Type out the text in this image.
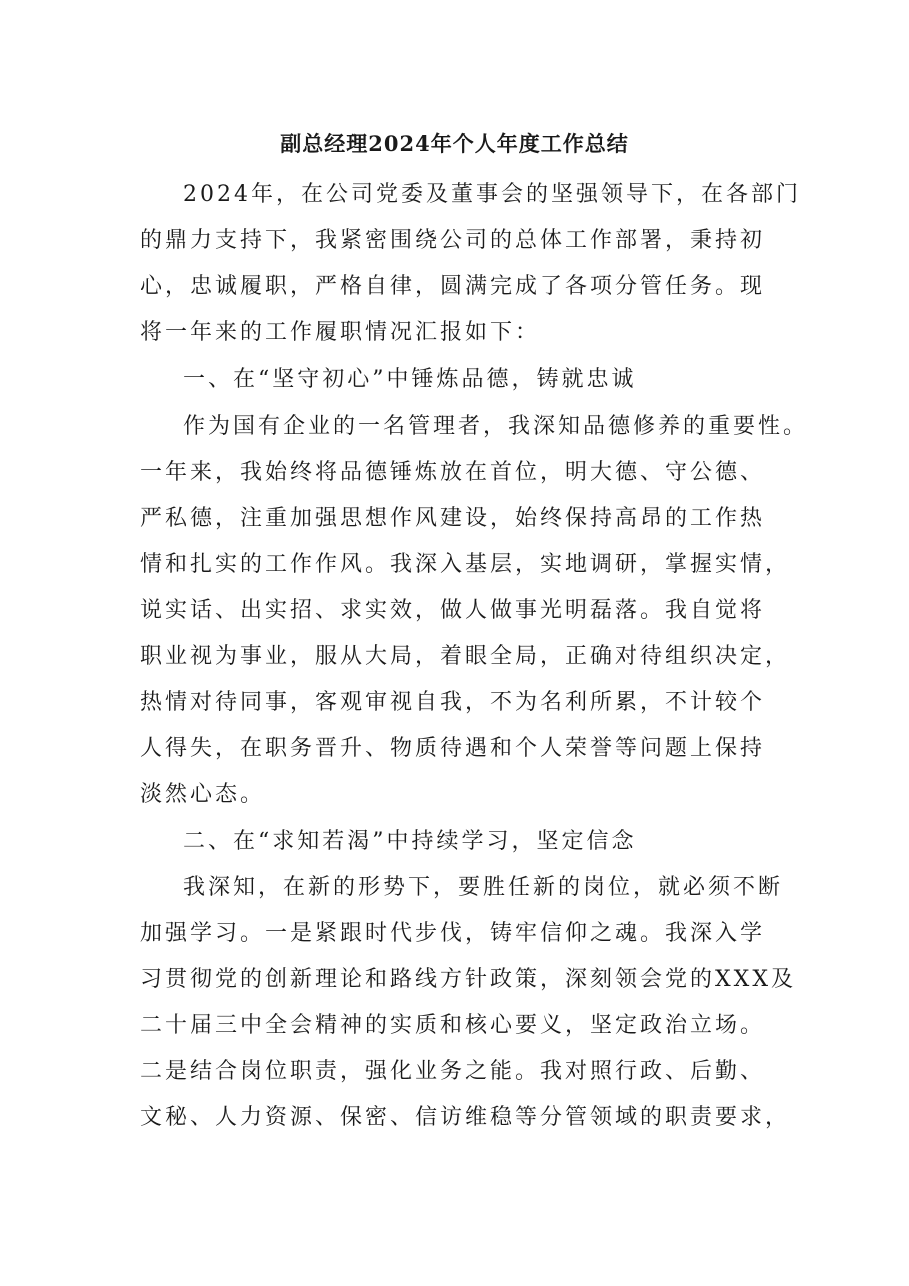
副总经理2024年个人年度工作总结
2024年，在公司党委及董事会的坚强领导下，在各部门
的鼎力支持下，我紧密围绕公司的总体工作部署，秉持初
心，忠诚履职，严格自律，圆满完成了各项分管任务。现
将一年来的工作履职情况汇报如下：
一、在“坚守初心”中锤炼品德，铸就忠诚
作为国有企业的一名管理者，我深知品德修养的重要性。
一年来，我始终将品德锤炼放在首位，明大德、守公德、
严私德，注重加强思想作风建设，始终保持高昂的工作热
情和扎实的工作作风。我深入基层，实地调研，掌握实情，
说实话、出实招、求实效，做人做事光明磊落。我自觉将
职业视为事业，服从大局，着眼全局，正确对待组织决定，
热情对待同事，客观审视自我，不为名利所累，不计较个
人得失，在职务晋升、物质待遇和个人荣誉等问题上保持
淡然心态。
二、在“求知若渴”中持续学习，坚定信念
我深知，在新的形势下，要胜任新的岗位，就必须不断
加强学习。一是紧跟时代步伐，铸牢信仰之魂。我深入学
习贯彻党的创新理论和路线方针政策，深刻领会党的XXX及
二十届三中全会精神的实质和核心要义，坚定政治立场。
二是结合岗位职责，强化业务之能。我对照行政、后勤、
文秘、人力资源、保密、信访维稳等分管领域的职责要求，
